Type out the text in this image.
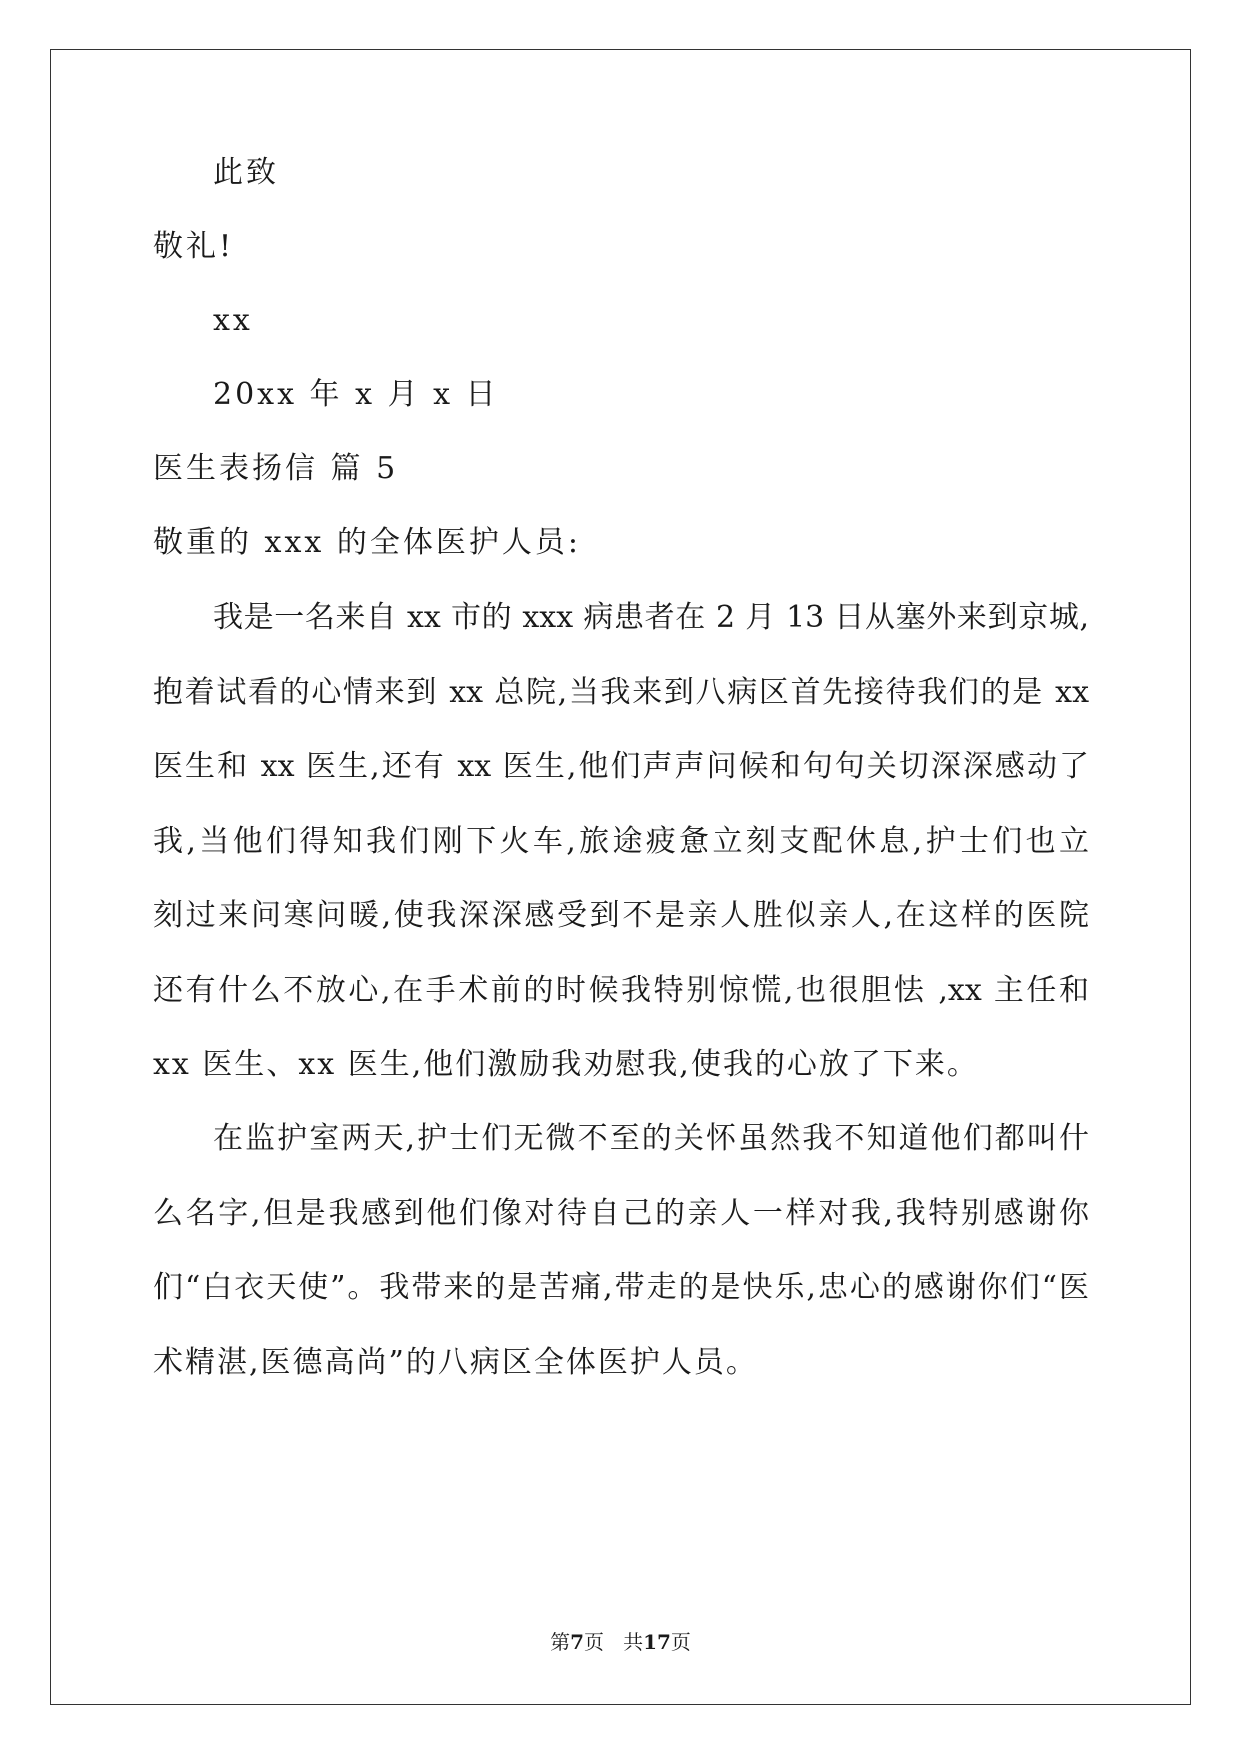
此致
敬礼!
xx
20xx 年 x 月 x 日
医生表扬信 篇 5
敬重的 xxx 的全体医护人员:
我是一名来自 xx 市的 xxx 病患者在 2 月 13 日从塞外来到京城,
抱着试看的心情来到 xx 总院,当我来到八病区首先接待我们的是 xx
医生和 xx 医生,还有 xx 医生,他们声声问候和句句关切深深感动了
我,当他们得知我们刚下火车,旅途疲惫立刻支配休息,护士们也立
刻过来问寒问暖,使我深深感受到不是亲人胜似亲人,在这样的医院
还有什么不放心,在手术前的时候我特别惊慌,也很胆怯 ,xx 主任和
xx 医生、xx 医生,他们激励我劝慰我,使我的心放了下来。
在监护室两天,护士们无微不至的关怀虽然我不知道他们都叫什
么名字,但是我感到他们像对待自己的亲人一样对我,我特别感谢你
们“白衣天使”。我带来的是苦痛,带走的是快乐,忠心的感谢你们“医
术精湛,医德高尚”的八病区全体医护人员。
第7页 共17页
